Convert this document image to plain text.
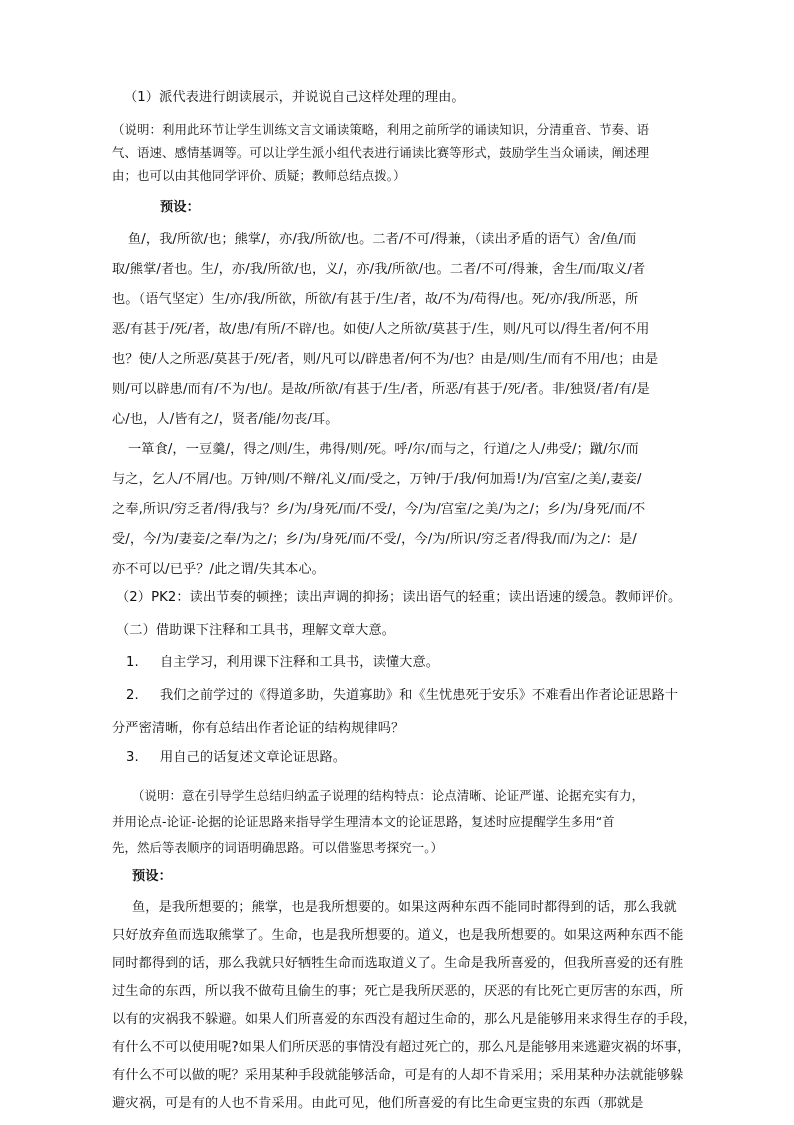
（1）派代表进行朗读展示，并说说自己这样处理的理由。
（说明：利用此环节让学生训练文言文诵读策略，利用之前所学的诵读知识，分清重音、节奏、语
气、语速、感情基调等。可以让学生派小组代表进行诵读比赛等形式，鼓励学生当众诵读，阐述理
由；也可以由其他同学评价、质疑；教师总结点拨。）
预设：
鱼/，我/所欲/也；熊掌/，亦/我/所欲/也。二者/不可/得兼，（读出矛盾的语气）舍/鱼/而
取/熊掌/者也。生/，亦/我/所欲/也，义/，亦/我/所欲/也。二者/不可/得兼，舍生/而/取义/者
也。（语气坚定）生/亦/我/所欲，所欲/有甚于/生/者，故/不为/苟得/也。死/亦/我/所恶，所
恶/有甚于/死/者，故/患/有所/不辟/也。如使/人之所欲/莫甚于/生，则/凡可以/得生者/何不用
也？使/人之所恶/莫甚于/死/者，则/凡可以/辟患者/何不为/也？由是/则/生/而有不用/也；由是
则/可以辟患/而有/不为/也/。是故/所欲/有甚于/生/者，所恶/有甚于/死/者。非/独贤/者/有/是
心/也，人/皆有之/，贤者/能/勿丧/耳。
一箪食/，一豆羹/，得之/则/生，弗得/则/死。呼/尔/而与之，行道/之人/弗受/；蹴/尔/而
与之，乞人/不屑/也。万钟/则/不辩/礼义/而/受之，万钟/于/我/何加焉!/为/宫室/之美/,妻妾/
之奉,所识/穷乏者/得/我与？乡/为/身死/而/不受/，今/为/宫室/之美/为之/；乡/为/身死/而/不
受/，今/为/妻妾/之奉/为之/；乡/为/身死/而/不受/，今/为/所识/穷乏者/得我/而/为之/：是/
亦不可以/已乎？/此之谓/失其本心。
（2）PK2：读出节奏的顿挫；读出声调的抑扬；读出语气的轻重；读出语速的缓急。教师评价。
（二）借助课下注释和工具书，理解文章大意。
1. 自主学习，利用课下注释和工具书，读懂大意。
2. 我们之前学过的《得道多助，失道寡助》和《生忧患死于安乐》不难看出作者论证思路十
分严密清晰，你有总结出作者论证的结构规律吗？
3. 用自己的话复述文章论证思路。
（说明：意在引导学生总结归纳孟子说理的结构特点：论点清晰、论证严谨、论据充实有力，
并用论点-论证-论据的论证思路来指导学生理清本文的论证思路，复述时应提醒学生多用“首
先，然后等表顺序的词语明确思路。可以借鉴思考探究一。）
预设：
鱼，是我所想要的；熊掌，也是我所想要的。如果这两种东西不能同时都得到的话，那么我就
只好放弃鱼而选取熊掌了。生命，也是我所想要的。道义，也是我所想要的。如果这两种东西不能
同时都得到的话，那么我就只好牺牲生命而选取道义了。生命是我所喜爱的，但我所喜爱的还有胜
过生命的东西，所以我不做苟且偷生的事；死亡是我所厌恶的，厌恶的有比死亡更厉害的东西，所
以有的灾祸我不躲避。如果人们所喜爱的东西没有超过生命的，那么凡是能够用来求得生存的手段，
有什么不可以使用呢?如果人们所厌恶的事情没有超过死亡的，那么凡是能够用来逃避灾祸的坏事，
有什么不可以做的呢？采用某种手段就能够活命，可是有的人却不肯采用；采用某种办法就能够躲
避灾祸，可是有的人也不肯采用。由此可见，他们所喜爱的有比生命更宝贵的东西（那就是
